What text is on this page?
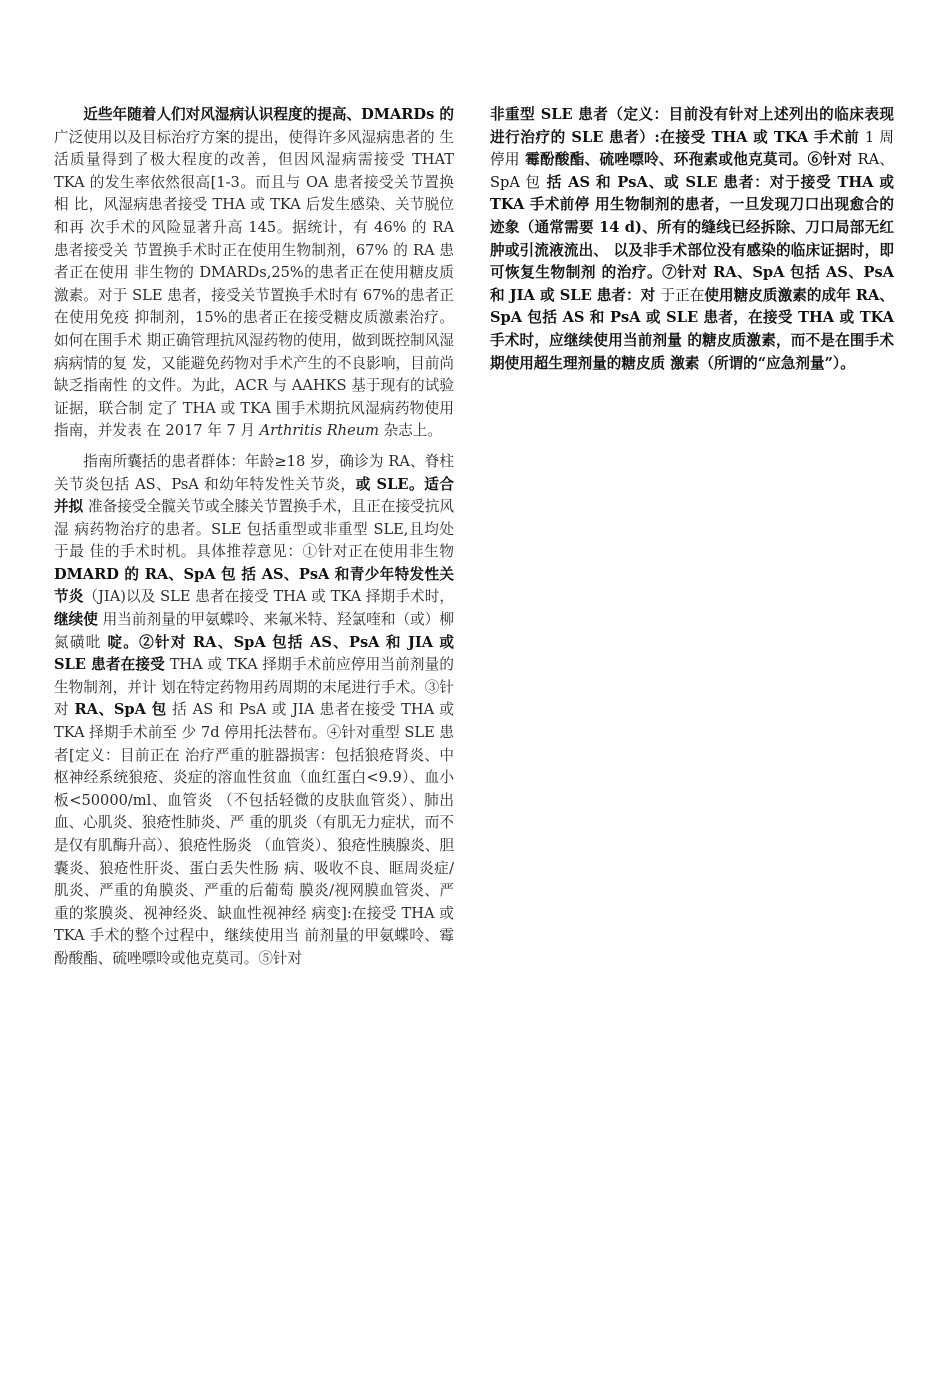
近些年随着人们对风湿病认识程度的提高、DMARDs 的广泛使用以及目标治疗方案的提出，使得许多风湿病患者的 生活质量得到了极大程度的改善，但因风湿病需接受 THAT TKA 的发生率依然很高[1-3。而且与 OA 患者接受关节置换相 比，风湿病患者接受 THA 或 TKA 后发生感染、关节脱位和再 次手术的风险显著升高 145。据统计，有 46% 的 RA 患者接受关 节置换手术时正在使用生物制剂，67% 的 RA 患者正在使用 非生物的 DMARDs,25%的患者正在使用糖皮质激素。对于 SLE 患者，接受关节置换手术时有 67%的患者正在使用免疫 抑制剂，15%的患者正在接受糖皮质激素治疗。如何在围手术 期正确管理抗风湿药物的使用，做到既控制风湿病病情的复 发，又能避免药物对手术产生的不良影响，目前尚缺乏指南性 的文件。为此，ACR 与 AAHKS 基于现有的试验证据，联合制 定了 THA 或 TKA 围手术期抗风湿病药物使用指南，并发表 在 2017 年 7 月 Arthritis Rheum 杂志上。

指南所囊括的患者群体：年龄≥18 岁，确诊为 RA、脊柱 关节炎包括 AS、PsA 和幼年特发性关节炎，或 SLE。适合并拟 准备接受全髋关节或全膝关节置换手术，且正在接受抗风湿 病药物治疗的患者。SLE 包括重型或非重型 SLE,且均处于最 佳的手术时机。具体推荐意见：①针对正在使用非生物 DMARD 的 RA、SpA 包 括 AS、PsA 和青少年特发性关节炎（JIA)以及 SLE 患者在接受 THA 或 TKA 择期手术时，继续使 用当前剂量的甲氨蝶呤、来氟米特、羟氯喹和（或）柳氮磺吡 啶。②针对 RA、SpA 包括 AS、PsA 和 JIA 或 SLE 患者在接受 THA 或 TKA 择期手术前应停用当前剂量的生物制剂，并计 划在特定药物用药周期的末尾进行手术。③针对 RA、SpA 包 括 AS 和 PsA 或 JIA 患者在接受 THA 或 TKA 择期手术前至 少 7d 停用托法替布。④针对重型 SLE 患者[定义：目前正在 治疗严重的脏器损害：包括狼疮肾炎、中枢神经系统狼疮、炎症的溶血性贫血（血红蛋白<9.9）、血小板<50000/ml、血管炎 （不包括轻微的皮肤血管炎）、肺出血、心肌炎、狼疮性肺炎、严 重的肌炎（有肌无力症状，而不是仅有肌酶升高）、狼疮性肠炎 （血管炎）、狼疮性胰腺炎、胆囊炎、狼疮性肝炎、蛋白丢失性肠 病、吸收不良、眶周炎症/肌炎、严重的角膜炎、严重的后葡萄 膜炎/视网膜血管炎、严重的浆膜炎、视神经炎、缺血性视神经 病变]:在接受 THA 或 TKA 手术的整个过程中，继续使用当 前剂量的甲氨蝶呤、霉酚酸酯、硫唑嘌呤或他克莫司。⑤针对

非重型 SLE 患者（定义：目前没有针对上述列出的临床表现 进行治疗的 SLE 患者）:在接受 THA 或 TKA 手术前 1 周停用 霉酚酸酯、硫唑嘌呤、环孢素或他克莫司。⑥针对 RA、SpA 包 括 AS 和 PsA、或 SLE 患者：对于接受 THA 或 TKA 手术前停 用生物制剂的患者，一旦发现刀口出现愈合的迹象（通常需要 14 d)、所有的缝线已经拆除、刀口局部无红肿或引流液流出、 以及非手术部位没有感染的临床证据时，即可恢复生物制剂 的治疗。⑦针对 RA、SpA 包括 AS、PsA 和 JIA 或 SLE 患者：对 于正在使用糖皮质激素的成年 RA、SpA 包括 AS 和 PsA 或 SLE 患者，在接受 THA 或 TKA 手术时，应继续使用当前剂量 的糖皮质激素，而不是在围手术期使用超生理剂量的糖皮质 激素（所谓的“应急剂量”）。
